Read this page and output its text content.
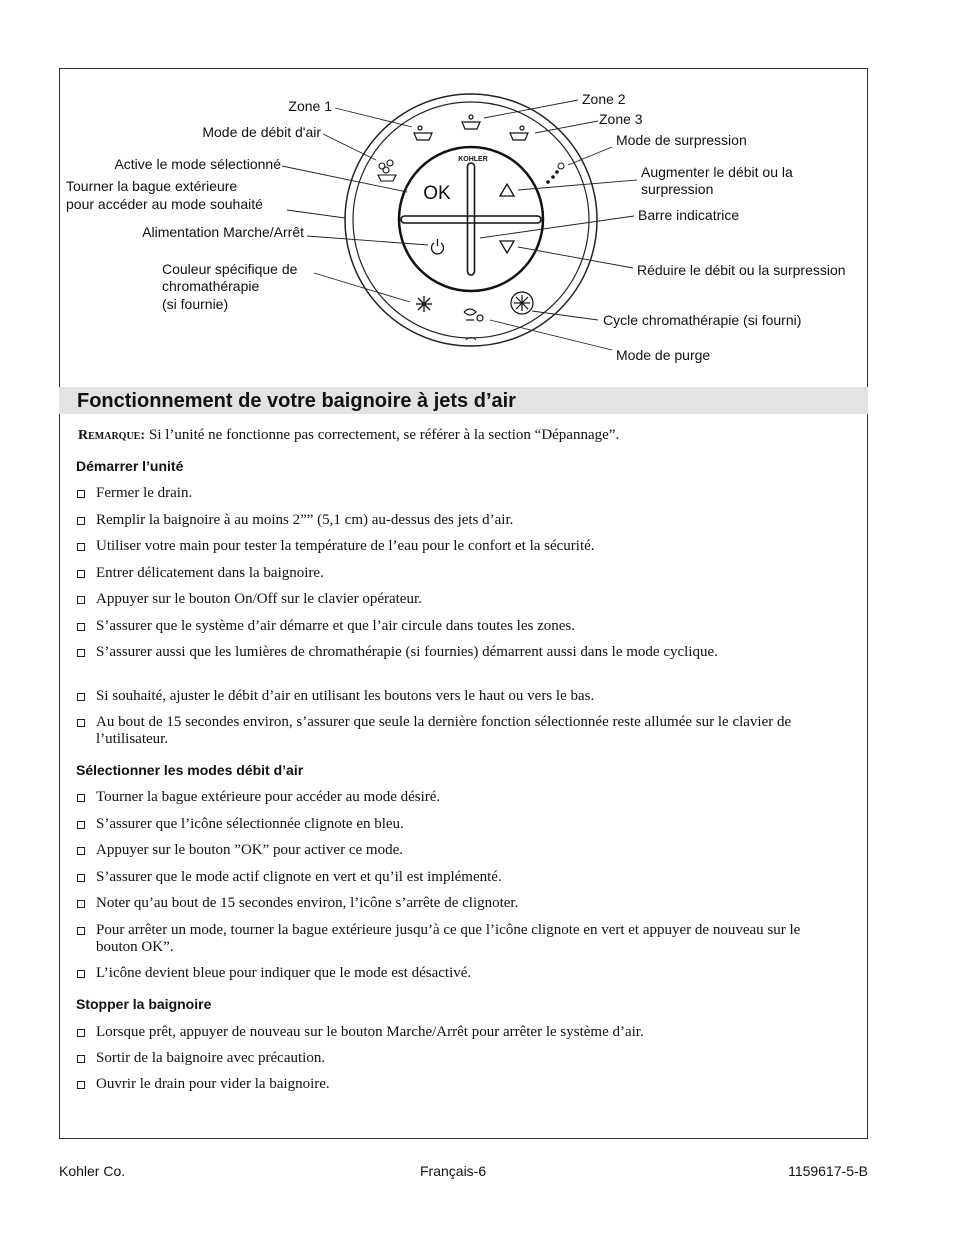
KOHLER
OK
Zone 1
Mode de débit d'air
Active le mode sélectionné
Tourner la bague extérieure
pour accéder au mode souhaité
Alimentation Marche/Arrêt
Couleur spécifique de
chromathérapie
(si fournie)
Zone 2
Zone 3
Mode de surpression
Augmenter le débit ou la
surpression
Barre indicatrice
Réduire le débit ou la surpression
Cycle chromathérapie (si fourni)
Mode de purge
Fonctionnement de votre baignoire à jets d’air

Remarque: Si l’unité ne fonctionne pas correctement, se référer à la section “Dépannage”.

Démarrer l’unité

Fermer le drain.

Remplir la baignoire à au moins 2”” (5,1 cm) au-dessus des jets d’air.

Utiliser votre main pour tester la température de l’eau pour le confort et la sécurité.

Entrer délicatement dans la baignoire.

Appuyer sur le bouton On/Off sur le clavier opérateur.

S’assurer que le système d’air démarre et que l’air circule dans toutes les zones.

S’assurer aussi que les lumières de chromathérapie (si fournies) démarrent aussi dans le mode cyclique.

Si souhaité, ajuster le débit d’air en utilisant les boutons vers le haut ou vers le bas.

Au bout de 15 secondes environ, s’assurer que seule la dernière fonction sélectionnée reste allumée sur le clavier de l’utilisateur.

Sélectionner les modes débit d’air

Tourner la bague extérieure pour accéder au mode désiré.

S’assurer que l’icône sélectionnée clignote en bleu.

Appuyer sur le bouton ”OK” pour activer ce mode.

S’assurer que le mode actif clignote en vert et qu’il est implémenté.

Noter qu’au bout de 15 secondes environ, l’icône s’arrête de clignoter.

Pour arrêter un mode, tourner la bague extérieure jusqu’à ce que l’icône clignote en vert et appuyer de nouveau sur le bouton OK”.

L’icône devient bleue pour indiquer que le mode est désactivé.

Stopper la baignoire

Lorsque prêt, appuyer de nouveau sur le bouton Marche/Arrêt pour arrêter le système d’air.

Sortir de la baignoire avec précaution.

Ouvrir le drain pour vider la baignoire.

Kohler Co.	Français-6	1159617-5-B
